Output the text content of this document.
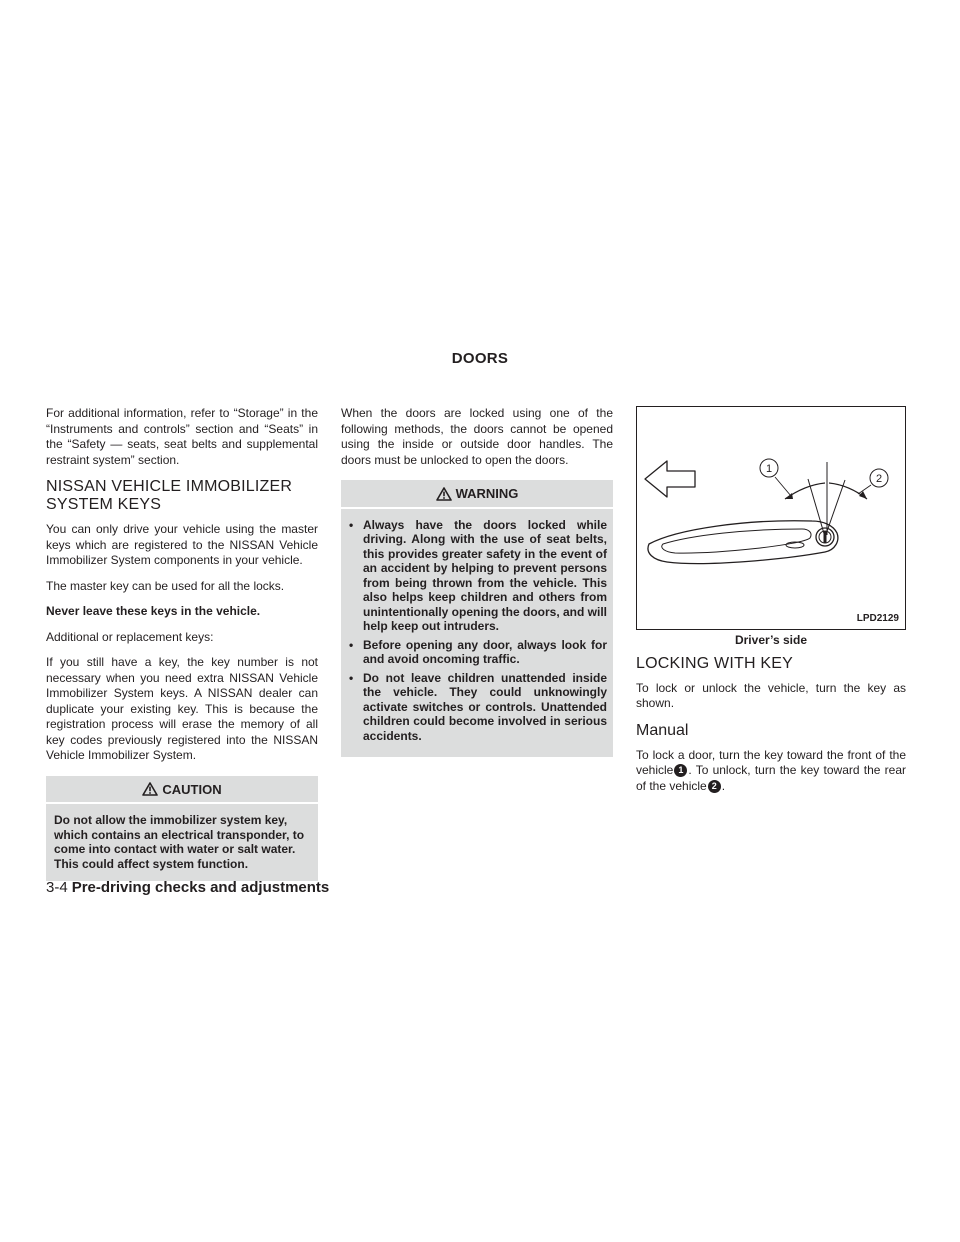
DOORS

For additional information, refer to “Storage” in the “Instruments and controls” section and “Seats” in the “Safety — seats, seat belts and supplemental restraint system” section.

NISSAN VEHICLE IMMOBILIZER SYSTEM KEYS

You can only drive your vehicle using the master keys which are registered to the NISSAN Vehicle Immobilizer System components in your vehicle.

The master key can be used for all the locks.

Never leave these keys in the vehicle.

Additional or replacement keys:

If you still have a key, the key number is not necessary when you need extra NISSAN Vehicle Immobilizer System keys. A NISSAN dealer can duplicate your existing key. This is because the registration process will erase the memory of all key codes previously registered into the NISSAN Vehicle Immobilizer System.

CAUTION
Do not allow the immobilizer system key, which contains an electrical transponder, to come into contact with water or salt water. This could affect system function.

When the doors are locked using one of the following methods, the doors cannot be opened using the inside or outside door handles. The doors must be unlocked to open the doors.

WARNING
• Always have the doors locked while driving. Along with the use of seat belts, this provides greater safety in the event of an accident by helping to prevent persons from being thrown from the vehicle. This also helps keep children and others from unintentionally opening the doors, and will help keep out intruders.
• Before opening any door, always look for and avoid oncoming traffic.
• Do not leave children unattended inside the vehicle. They could unknowingly activate switches or controls. Unattended children could become involved in serious accidents.
1
2
LPD2129
Driver’s side
LOCKING WITH KEY

To lock or unlock the vehicle, turn the key as shown.

Manual

To lock a door, turn the key toward the front of the vehicle 1 . To unlock, turn the key toward the rear of the vehicle 2 .

3-4 Pre-driving checks and adjustments
